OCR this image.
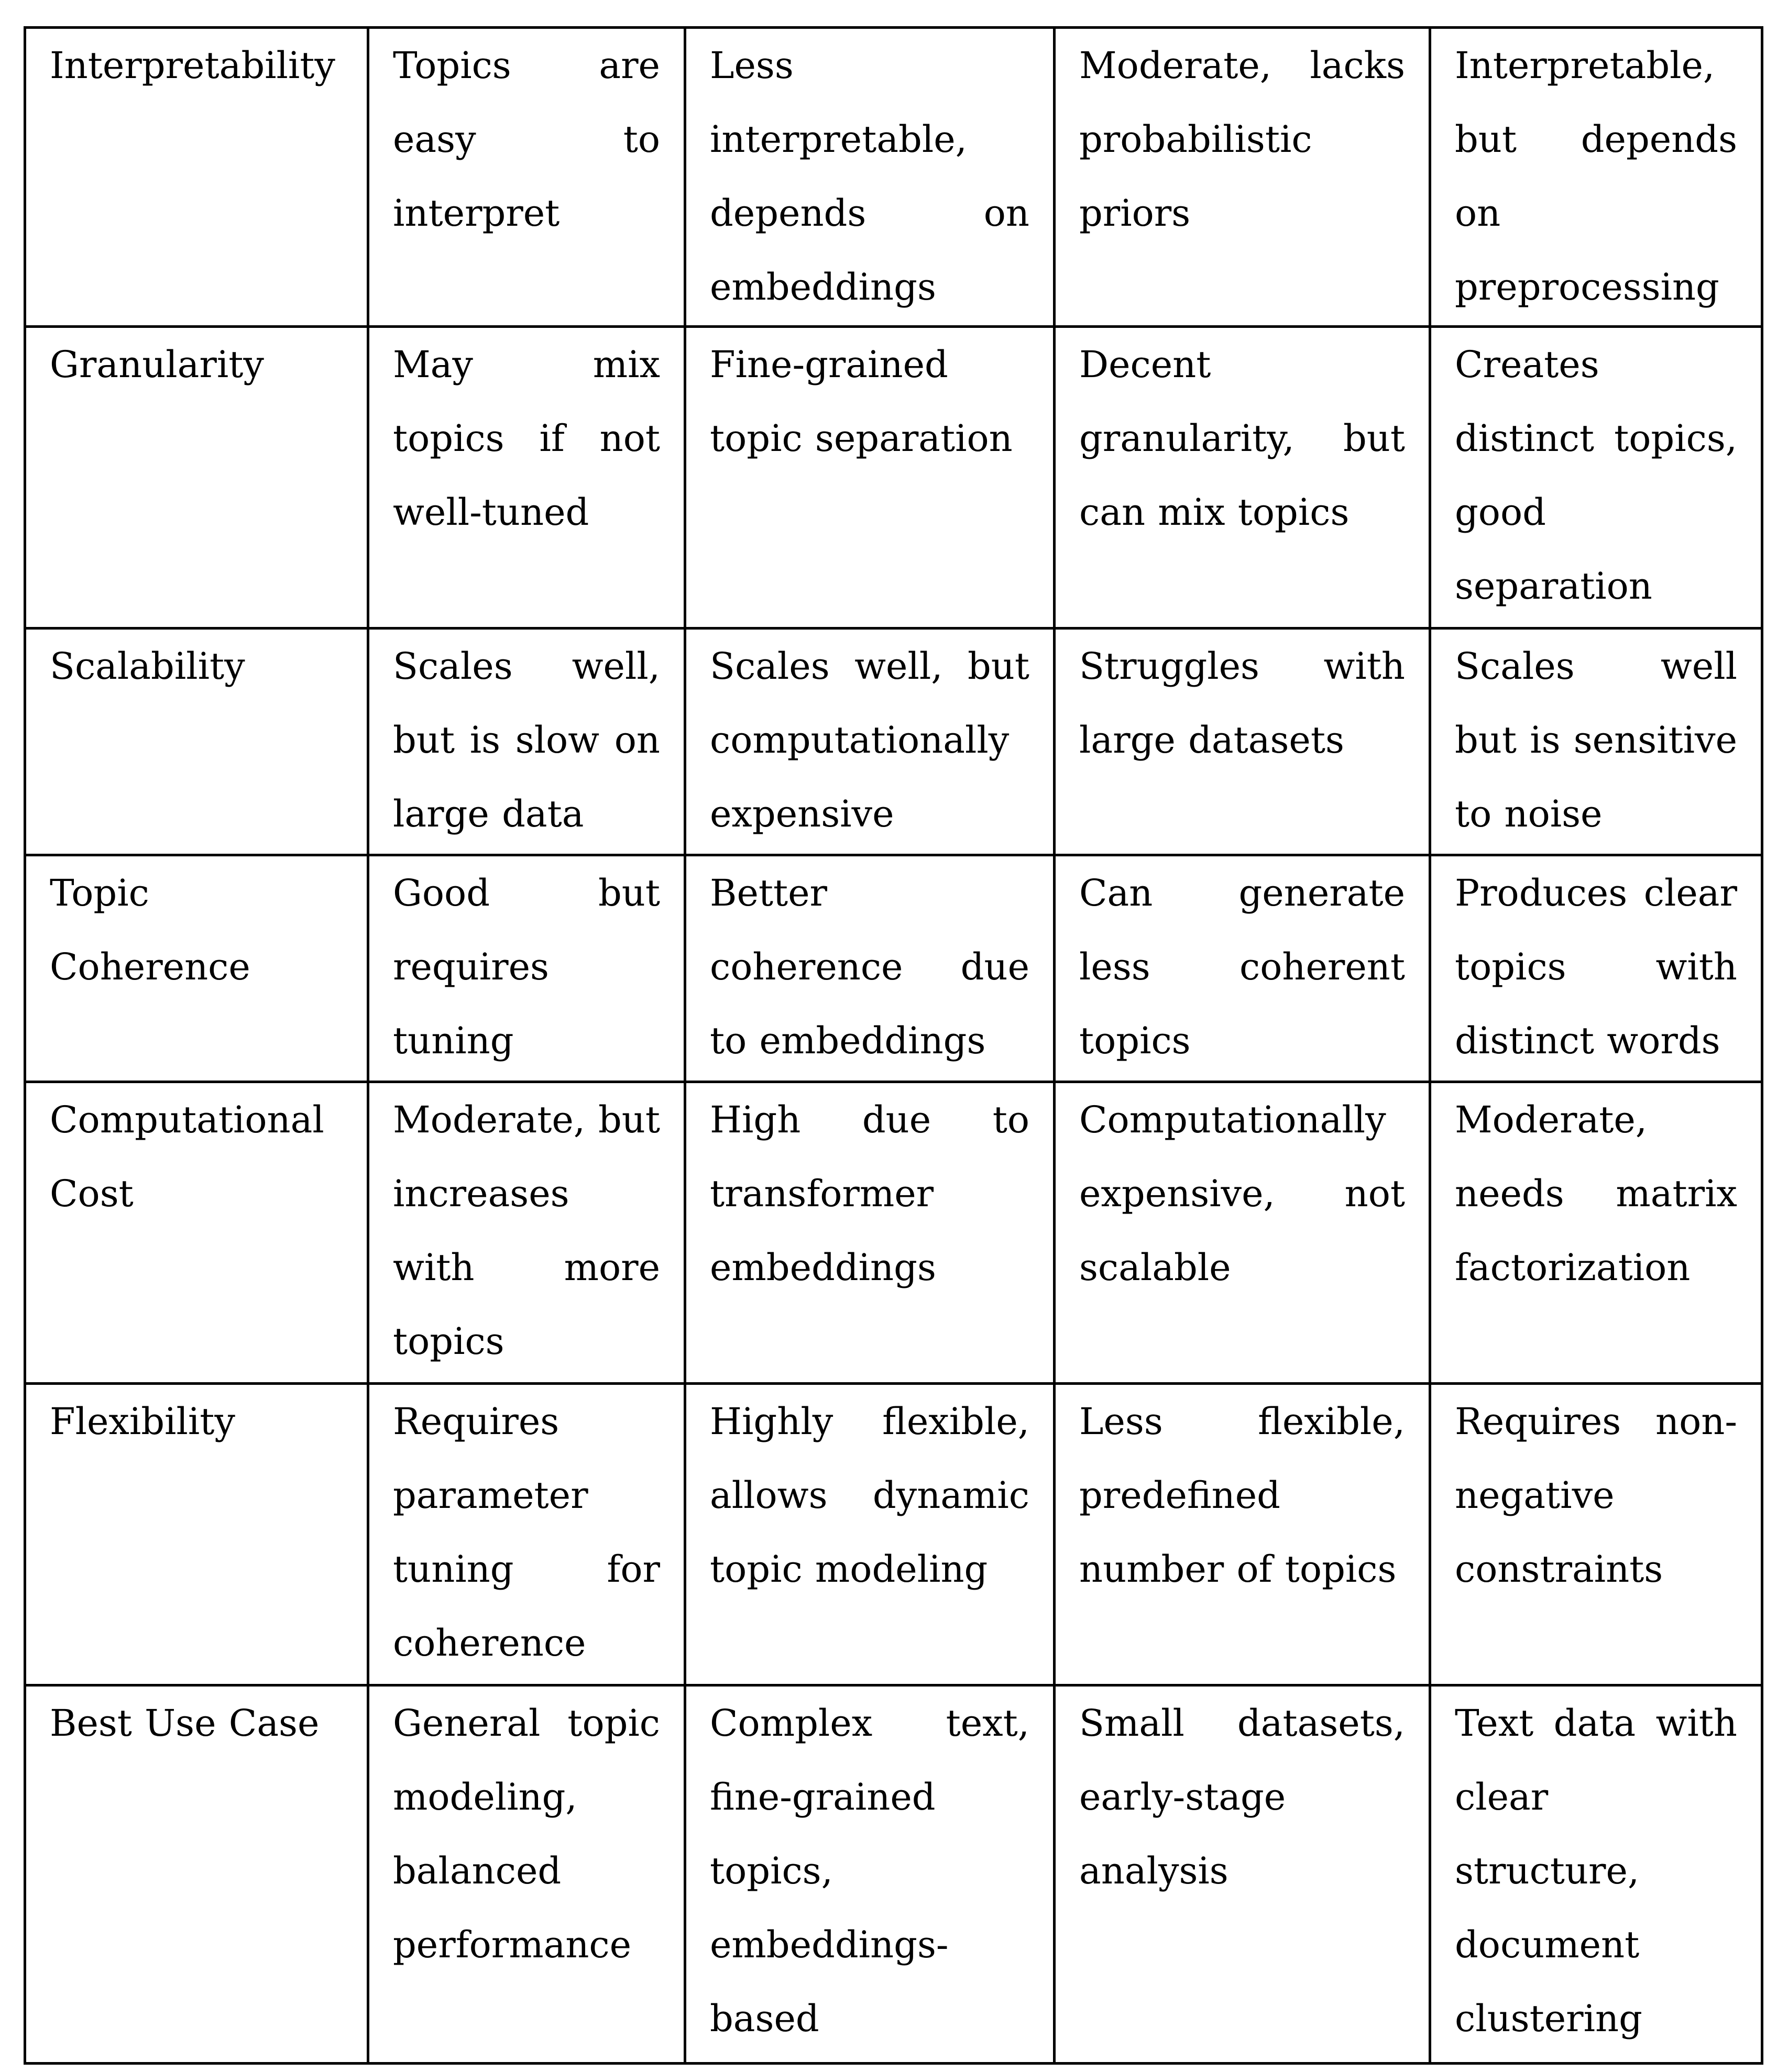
Interpretability	Topics are easy to interpret	Less interpretable, depends on embeddings	Moderate, lacks probabilistic priors	Interpretable, but depends on preprocessing
Granularity	May mix topics if not well-tuned	Fine-grained topic separation	Decent granularity, but can mix topics	Creates distinct topics, good separation
Scalability	Scales well, but is slow on large data	Scales well, but computationally expensive	Struggles with large datasets	Scales well but is sensitive to noise
Topic Coherence	Good but requires tuning	Better coherence due to embeddings	Can generate less coherent topics	Produces clear topics with distinct words
Computational Cost	Moderate, but increases with more topics	High due to transformer embeddings	Computationally expensive, not scalable	Moderate, needs matrix factorization
Flexibility	Requires parameter tuning for coherence	Highly flexible, allows dynamic topic modeling	Less flexible, predefined number of topics	Requires non-negative constraints
Best Use Case	General topic modeling, balanced performance	Complex text, fine-grained topics, embeddings-based	Small datasets, early-stage analysis	Text data with clear structure, document clustering
